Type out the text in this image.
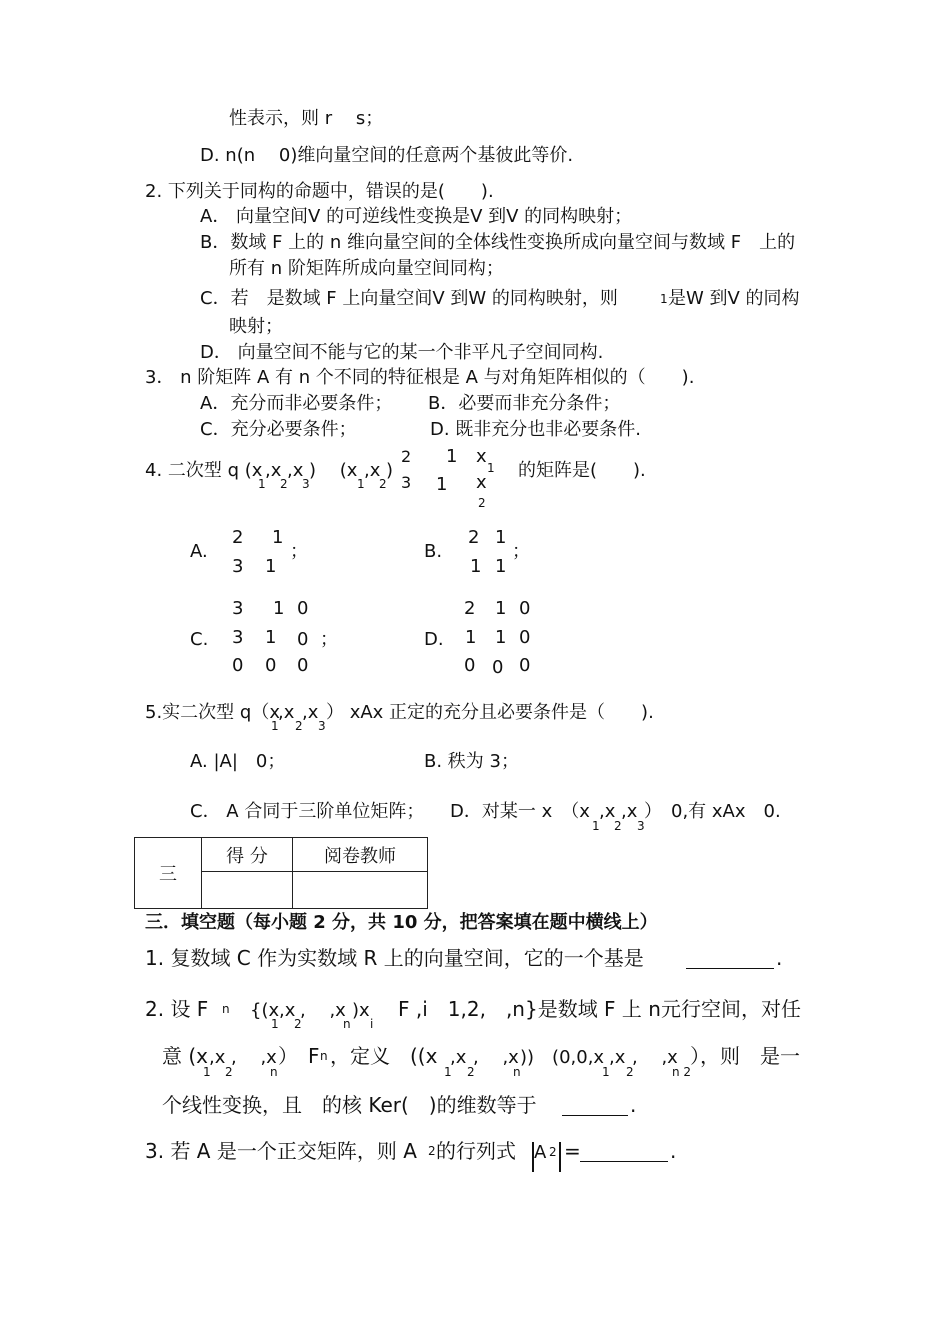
性表示，则 r　 s；
D. n(n　 0)维向量空间的任意两个基彼此等价.
2. 下列关于同构的命题中，错误的是(　　).
A． 向量空间V 的可逆线性变换是V 到V 的同构映射；
B．数域 F 上的 n 维向量空间的全体线性变换所成向量空间与数域 F　上的
所有 n 阶矩阵所成向量空间同构；
C．若　是数域 F 上向量空间V 到W 的同构映射，则	1 是W 到V 的同构
映射；
D． 向量空间不能与它的某一个非平凡子空间同构.
3． n 阶矩阵 A 有 n 个不同的特征根是 A 与对角矩阵相似的（　　).
A．充分而非必要条件； B．必要而非充分条件；
C．充分必要条件；	D. 既非充分也非必要条件.
4. 二次型 q (x
1
,x
2
,x
3
)　 (x
1
,x
2
)
2
3
1
1
x
1
x
2
的矩阵是(　　).
A.
2 1
3 1
；	B.
2 1
1 1
；
C.
3 1 0
3 1 0
0 0 0
；	D.
2 1 0
1 1 0
0 0 0
5.实二次型 q（x
1
,x
2
,x
3
） xAx 正定的充分且必要条件是（　　).
A. |A|　0；	B. 秩为 3；
C． A 合同于三阶单位矩阵； D．对某一 x　（x
1
,x
2
,x
3
）　0,有 xAx　0.
三	得 分	阅卷教师

三．填空题（每小题 2 分，共 10 分，把答案填在题中横线上）
1. 复数域 C 作为实数域 R 上的向量空间，它的一个基是	.
2. 设 F n 　{(x
1
,x
2
,　 ,x
n
)x
i
　F ,i　1,2,　,n}是数域 F 上 n元行空间，对任
意 (x
1
,x
2
,　 ,x
n
）　F n ，定义　((x
1
,x
2
,　 ,x
n
))　(0,0,x
1
,x
2
,　 ,x
n 2
），则　是一
个线性变换，且　的核 Ker(　)的维数等于	.
3. 若 A 是一个正交矩阵，则 A 2 的行列式 A 2 =	.
